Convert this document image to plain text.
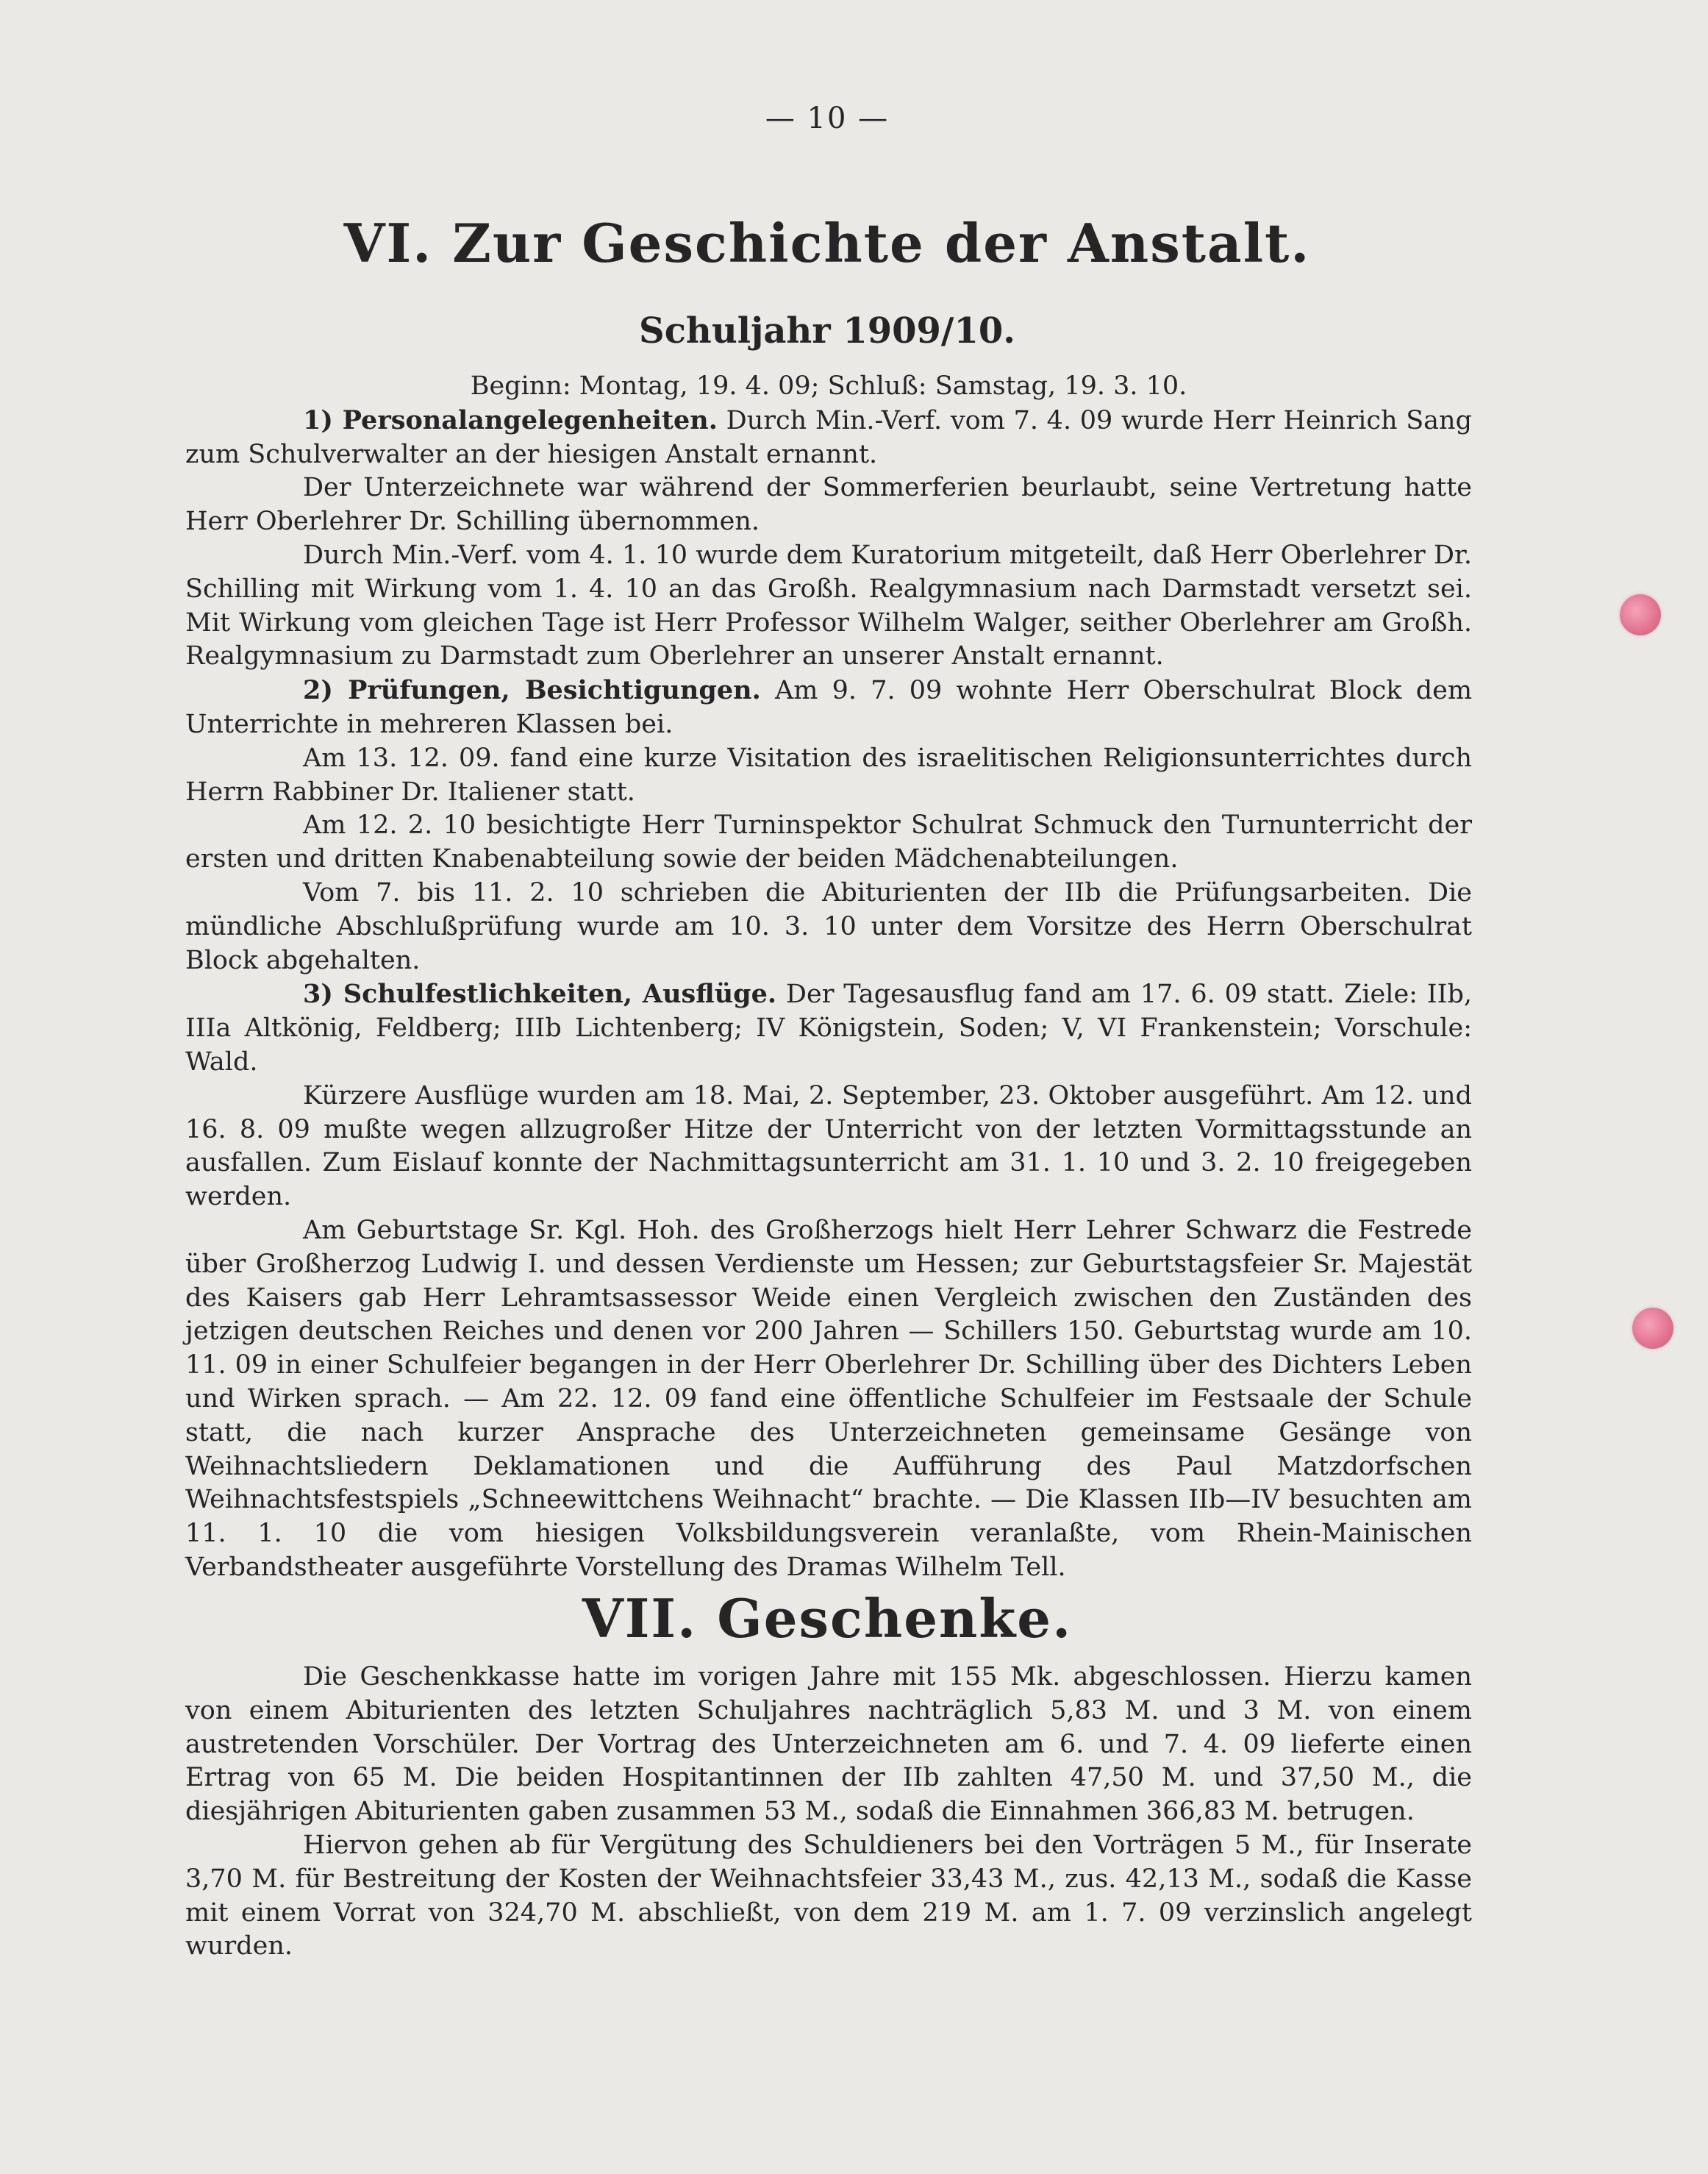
— 10 —
VI. Zur Geschichte der Anstalt.
Schuljahr 1909/10.

Beginn: Montag, 19. 4. 09; Schluß: Samstag, 19. 3. 10.

1) Personalangelegenheiten. Durch Min.-Verf. vom 7. 4. 09 wurde Herr Heinrich Sang zum Schulverwalter an der hiesigen Anstalt ernannt.

Der Unterzeichnete war während der Sommerferien beurlaubt, seine Vertretung hatte Herr Oberlehrer Dr. Schilling übernommen.

Durch Min.-Verf. vom 4. 1. 10 wurde dem Kuratorium mitgeteilt, daß Herr Oberlehrer Dr. Schilling mit Wirkung vom 1. 4. 10 an das Großh. Realgymnasium nach Darmstadt versetzt sei. Mit Wirkung vom gleichen Tage ist Herr Professor Wilhelm Walger, seither Oberlehrer am Großh. Realgymnasium zu Darmstadt zum Oberlehrer an unserer Anstalt ernannt.

2) Prüfungen, Besichtigungen. Am 9. 7. 09 wohnte Herr Oberschulrat Block dem Unterrichte in mehreren Klassen bei.

Am 13. 12. 09. fand eine kurze Visitation des israelitischen Religionsunterrichtes durch Herrn Rabbiner Dr. Italiener statt.

Am 12. 2. 10 besichtigte Herr Turninspektor Schulrat Schmuck den Turnunterricht der ersten und dritten Knabenabteilung sowie der beiden Mädchenabteilungen.

Vom 7. bis 11. 2. 10 schrieben die Abiturienten der IIb die Prüfungsarbeiten. Die mündliche Abschlußprüfung wurde am 10. 3. 10 unter dem Vorsitze des Herrn Oberschulrat Block abgehalten.

3) Schulfestlichkeiten, Ausflüge. Der Tagesausflug fand am 17. 6. 09 statt. Ziele: IIb, IIIa Altkönig, Feldberg; IIIb Lichtenberg; IV Königstein, Soden; V, VI Frankenstein; Vorschule: Wald.

Kürzere Ausflüge wurden am 18. Mai, 2. September, 23. Oktober ausgeführt. Am 12. und 16. 8. 09 mußte wegen allzugroßer Hitze der Unterricht von der letzten Vormittagsstunde an ausfallen. Zum Eislauf konnte der Nachmittagsunterricht am 31. 1. 10 und 3. 2. 10 freigegeben werden.

Am Geburtstage Sr. Kgl. Hoh. des Großherzogs hielt Herr Lehrer Schwarz die Festrede über Großherzog Ludwig I. und dessen Verdienste um Hessen; zur Geburtstagsfeier Sr. Majestät des Kaisers gab Herr Lehramtsassessor Weide einen Vergleich zwischen den Zuständen des jetzigen deutschen Reiches und denen vor 200 Jahren — Schillers 150. Geburtstag wurde am 10. 11. 09 in einer Schulfeier begangen in der Herr Oberlehrer Dr. Schilling über des Dichters Leben und Wirken sprach. — Am 22. 12. 09 fand eine öffentliche Schulfeier im Festsaale der Schule statt, die nach kurzer Ansprache des Unterzeichneten gemeinsame Gesänge von Weihnachtsliedern Deklamationen und die Aufführung des Paul Matzdorfschen Weihnachtsfestspiels „Schneewittchens Weihnacht“ brachte. — Die Klassen IIb—IV besuchten am 11. 1. 10 die vom hiesigen Volksbildungsverein veranlaßte, vom Rhein-Mainischen Verbandstheater ausgeführte Vorstellung des Dramas Wilhelm Tell.

VII. Geschenke.

Die Geschenkkasse hatte im vorigen Jahre mit 155 Mk. abgeschlossen. Hierzu kamen von einem Abiturienten des letzten Schuljahres nachträglich 5,83 M. und 3 M. von einem austretenden Vorschüler. Der Vortrag des Unterzeichneten am 6. und 7. 4. 09 lieferte einen Ertrag von 65 M. Die beiden Hospitantinnen der IIb zahlten 47,50 M. und 37,50 M., die diesjährigen Abiturienten gaben zusammen 53 M., sodaß die Einnahmen 366,83 M. betrugen.

Hiervon gehen ab für Vergütung des Schuldieners bei den Vorträgen 5 M., für Inserate 3,70 M. für Bestreitung der Kosten der Weihnachtsfeier 33,43 M., zus. 42,13 M., sodaß die Kasse mit einem Vorrat von 324,70 M. abschließt, von dem 219 M. am 1. 7. 09 verzinslich angelegt wurden.
